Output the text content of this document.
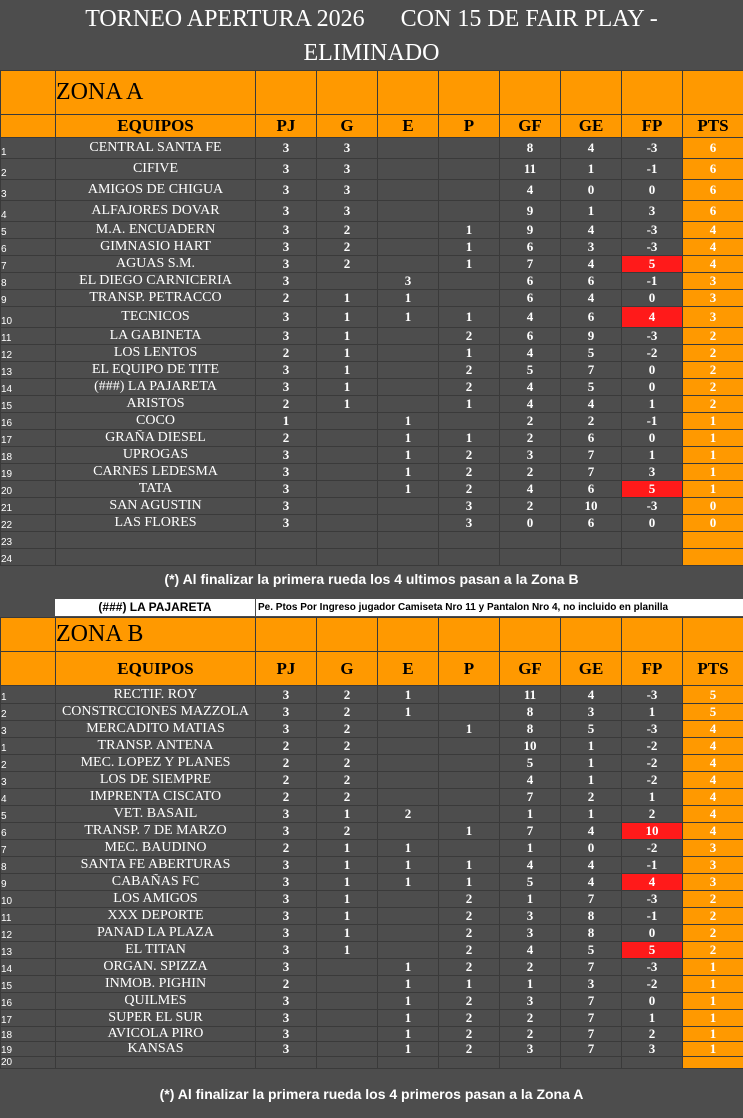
TORNEO APERTURA 2026      CON 15 DE FAIR PLAY -
ELIMINADO
	ZONA A								
	EQUIPOS	PJ	G	E	P	GF	GE	FP	PTS
1	CENTRAL SANTA FE	3	3			8	4	-3	6
2	CIFIVE	3	3			11	1	-1	6
3	AMIGOS DE CHIGUA	3	3			4	0	0	6
4	ALFAJORES DOVAR	3	3			9	1	3	6
5	M.A. ENCUADERN	3	2		1	9	4	-3	4
6	GIMNASIO HART	3	2		1	6	3	-3	4
7	AGUAS S.M.	3	2		1	7	4	5	4
8	EL DIEGO CARNICERIA	3		3		6	6	-1	3
9	TRANSP. PETRACCO	2	1	1		6	4	0	3
10	TECNICOS	3	1	1	1	4	6	4	3
11	LA GABINETA	3	1		2	6	9	-3	2
12	LOS LENTOS	2	1		1	4	5	-2	2
13	EL EQUIPO DE TITE	3	1		2	5	7	0	2
14	(###) LA PAJARETA	3	1		2	4	5	0	2
15	ARISTOS	2	1		1	4	4	1	2
16	COCO	1		1		2	2	-1	1
17	GRAÑA DIESEL	2		1	1	2	6	0	1
18	UPROGAS	3		1	2	3	7	1	1
19	CARNES LEDESMA	3		1	2	2	7	3	1
20	TATA	3		1	2	4	6	5	1
21	SAN AGUSTIN	3			3	2	10	-3	0
22	LAS FLORES	3			3	0	6	0	0
23									
24									
(*) Al finalizar la primera rueda los 4 ultimos pasan a la Zona B
(###) LA PAJARETA	Pe. Ptos Por Ingreso jugador Camiseta Nro 11 y Pantalon Nro 4, no incluido en planilla
	ZONA B								
	EQUIPOS	PJ	G	E	P	GF	GE	FP	PTS
1	RECTIF. ROY	3	2	1		11	4	-3	5
2	CONSTRCCIONES MAZZOLA	3	2	1		8	3	1	5
3	MERCADITO MATIAS	3	2		1	8	5	-3	4
1	TRANSP. ANTENA	2	2			10	1	-2	4
2	MEC. LOPEZ Y PLANES	2	2			5	1	-2	4
3	LOS DE SIEMPRE	2	2			4	1	-2	4
4	IMPRENTA CISCATO	2	2			7	2	1	4
5	VET. BASAIL	3	1	2		1	1	2	4
6	TRANSP. 7 DE MARZO	3	2		1	7	4	10	4
7	MEC. BAUDINO	2	1	1		1	0	-2	3
8	SANTA FE ABERTURAS	3	1	1	1	4	4	-1	3
9	CABAÑAS FC	3	1	1	1	5	4	4	3
10	LOS AMIGOS	3	1		2	1	7	-3	2
11	XXX DEPORTE	3	1		2	3	8	-1	2
12	PANAD LA PLAZA	3	1		2	3	8	0	2
13	EL TITAN	3	1		2	4	5	5	2
14	ORGAN. SPIZZA	3		1	2	2	7	-3	1
15	INMOB. PIGHIN	2		1	1	1	3	-2	1
16	QUILMES	3		1	2	3	7	0	1
17	SUPER EL SUR	3		1	2	2	7	1	1
18	AVICOLA PIRO	3		1	2	2	7	2	1
19	KANSAS	3		1	2	3	7	3	1
20									
(*) Al finalizar la primera rueda los 4 primeros pasan a la Zona A
